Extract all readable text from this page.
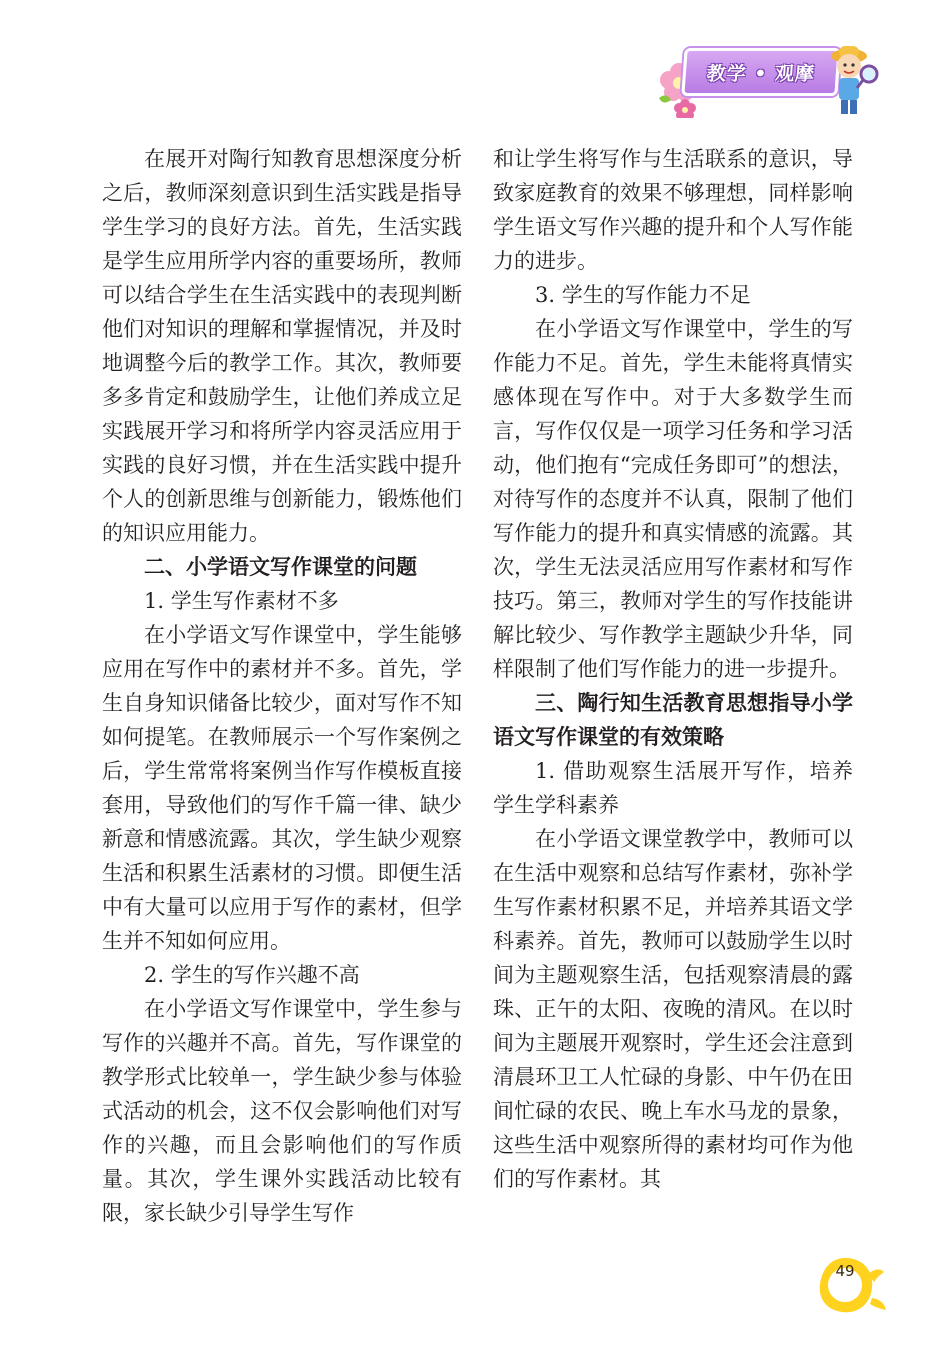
教学 • 观摩

在展开对陶行知教育思想深度分析之后，教师深刻意识到生活实践是指导学生学习的良好方法。首先，生活实践是学生应用所学内容的重要场所，教师可以结合学生在生活实践中的表现判断他们对知识的理解和掌握情况，并及时地调整今后的教学工作。其次，教师要多多肯定和鼓励学生，让他们养成立足实践展开学习和将所学内容灵活应用于实践的良好习惯，并在生活实践中提升个人的创新思维与创新能力，锻炼他们的知识应用能力。

二、小学语文写作课堂的问题

1. 学生写作素材不多

在小学语文写作课堂中，学生能够应用在写作中的素材并不多。首先，学生自身知识储备比较少，面对写作不知如何提笔。在教师展示一个写作案例之后，学生常常将案例当作写作模板直接套用，导致他们的写作千篇一律、缺少新意和情感流露。其次，学生缺少观察生活和积累生活素材的习惯。即便生活中有大量可以应用于写作的素材，但学生并不知如何应用。

2. 学生的写作兴趣不高

在小学语文写作课堂中，学生参与写作的兴趣并不高。首先，写作课堂的教学形式比较单一，学生缺少参与体验式活动的机会，这不仅会影响他们对写作的兴趣，而且会影响他们的写作质量。其次，学生课外实践活动比较有限，家长缺少引导学生写作

和让学生将写作与生活联系的意识，导致家庭教育的效果不够理想，同样影响学生语文写作兴趣的提升和个人写作能力的进步。

3. 学生的写作能力不足

在小学语文写作课堂中，学生的写作能力不足。首先，学生未能将真情实感体现在写作中。对于大多数学生而言，写作仅仅是一项学习任务和学习活动，他们抱有“完成任务即可”的想法，对待写作的态度并不认真，限制了他们写作能力的提升和真实情感的流露。其次，学生无法灵活应用写作素材和写作技巧。第三，教师对学生的写作技能讲解比较少、写作教学主题缺少升华，同样限制了他们写作能力的进一步提升。

三、陶行知生活教育思想指导小学语文写作课堂的有效策略

1. 借助观察生活展开写作，培养学生学科素养

在小学语文课堂教学中，教师可以在生活中观察和总结写作素材，弥补学生写作素材积累不足，并培养其语文学科素养。首先，教师可以鼓励学生以时间为主题观察生活，包括观察清晨的露珠、正午的太阳、夜晚的清风。在以时间为主题展开观察时，学生还会注意到清晨环卫工人忙碌的身影、中午仍在田间忙碌的农民、晚上车水马龙的景象，这些生活中观察所得的素材均可作为他们的写作素材。其

49
